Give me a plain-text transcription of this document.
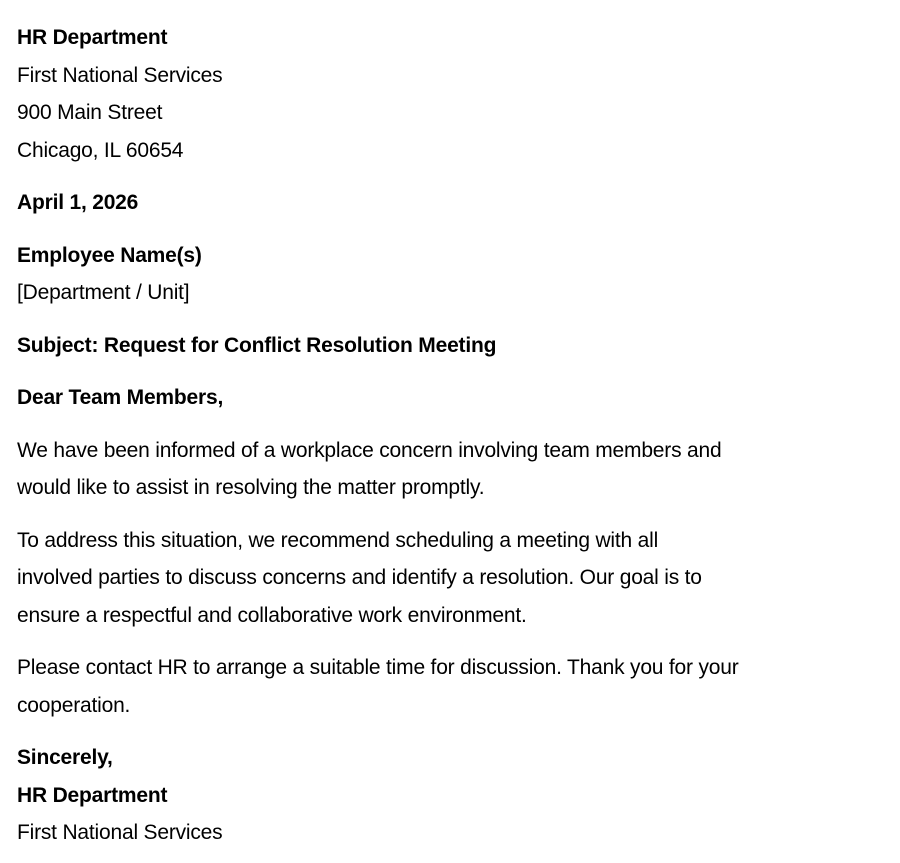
HR Department
First National Services
900 Main Street
Chicago, IL 60654
April 1, 2026
Employee Name(s)
[Department / Unit]
Subject: Request for Conflict Resolution Meeting
Dear Team Members,
We have been informed of a workplace concern involving team members and
would like to assist in resolving the matter promptly.
To address this situation, we recommend scheduling a meeting with all
involved parties to discuss concerns and identify a resolution. Our goal is to
ensure a respectful and collaborative work environment.
Please contact HR to arrange a suitable time for discussion. Thank you for your
cooperation.
Sincerely,
HR Department
First National Services
